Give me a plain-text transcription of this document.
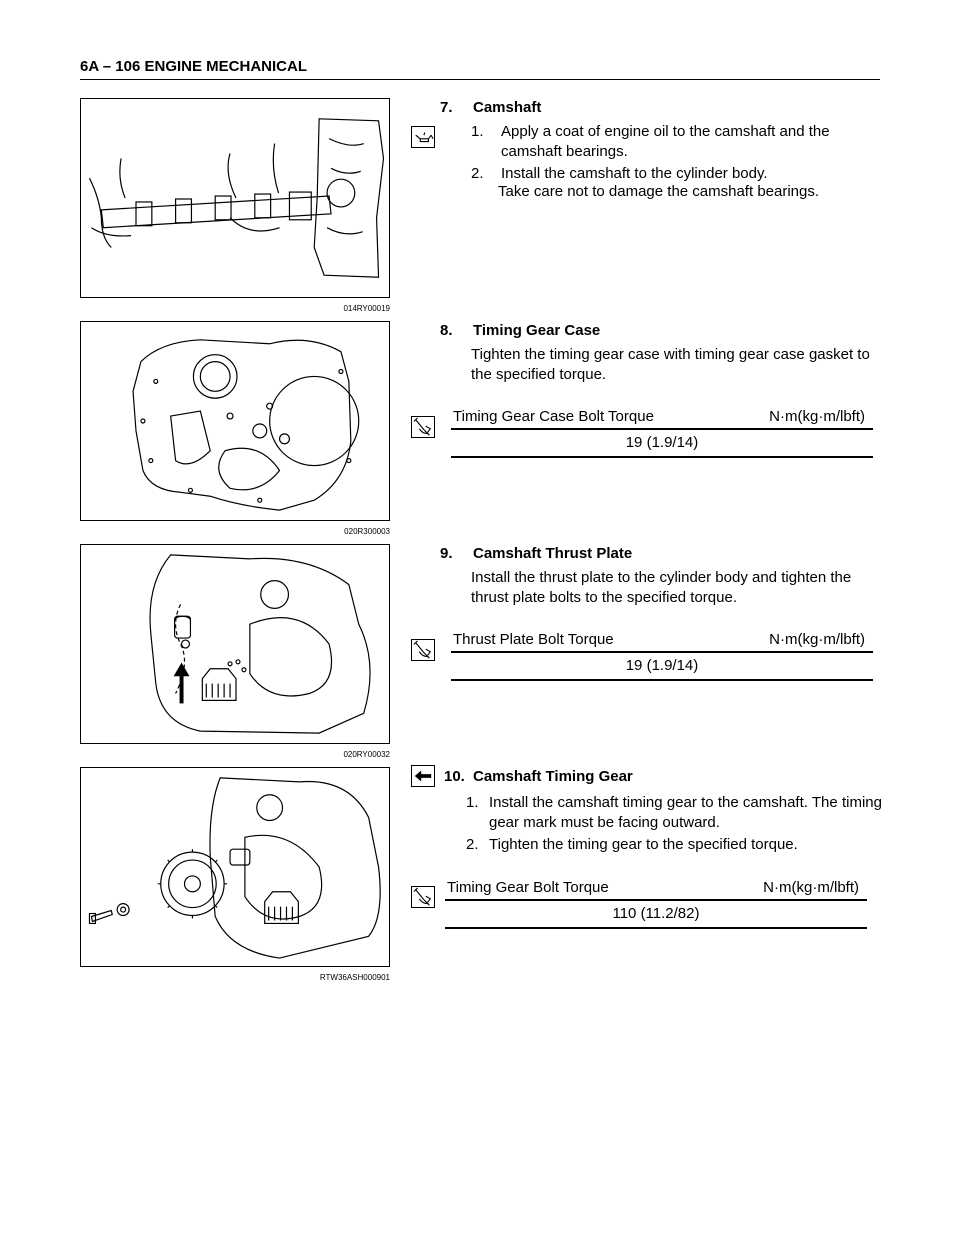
6A – 106 ENGINE MECHANICAL
014RY00019
7. Camshaft
1. Apply a coat of engine oil to the camshaft and the camshaft bearings.
2. Install the camshaft to the cylinder body.
Take care not to damage the camshaft bearings.
020R300003
8. Timing Gear Case
Tighten the timing gear case with timing gear case gasket to the specified torque.
Timing Gear Case Bolt Torque	N·m(kg·m/lbft)
19 (1.9/14)
020RY00032
9. Camshaft Thrust Plate
Install the thrust plate to the cylinder body and tighten the thrust plate bolts to the specified torque.
Thrust Plate Bolt Torque	N·m(kg·m/lbft)
19 (1.9/14)
RTW36ASH000901
10. Camshaft Timing Gear
1. Install the camshaft timing gear to the camshaft. The timing gear mark must be facing outward.
2. Tighten the timing gear to the specified torque.
Timing Gear Bolt Torque	N·m(kg·m/lbft)
110 (11.2/82)
